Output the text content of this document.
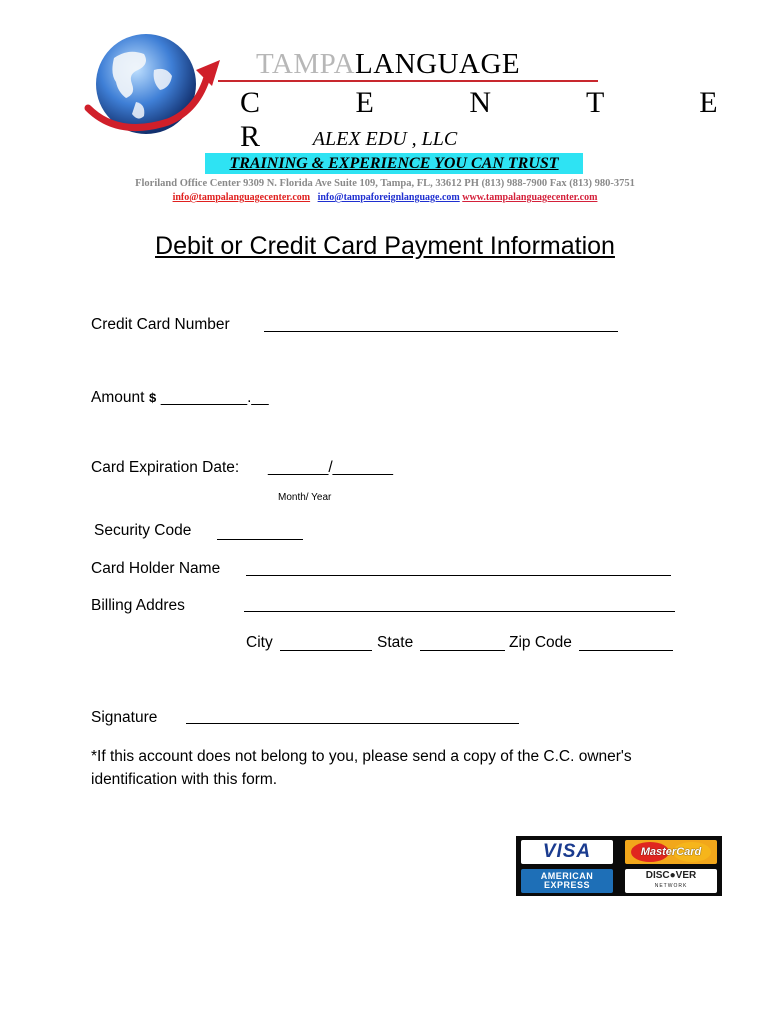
TAMPALANGUAGE
C E N T E R ALEX EDU , LLC
TRAINING & EXPERIENCE YOU CAN TRUST
Floriland Office Center 9309 N. Florida Ave Suite 109, Tampa, FL, 33612 PH (813) 988-7900 Fax (813) 980-3751
info@tampalanguagecenter.com info@tampaforeignlanguage.com www.tampalanguagecenter.com
Debit or Credit Card Payment Information
Credit Card Number
Amount $ __________.__
Card Expiration Date: _______/_______
Month/ Year
Security Code
Card Holder Name
Billing Addres
City	State	Zip Code
Signature
*If this account does not belong to you, please send a copy of the C.C. owner's identification with this form.
VISA	MasterCard
AMERICAN
EXPRESS
DISC●VER
NETWORK
